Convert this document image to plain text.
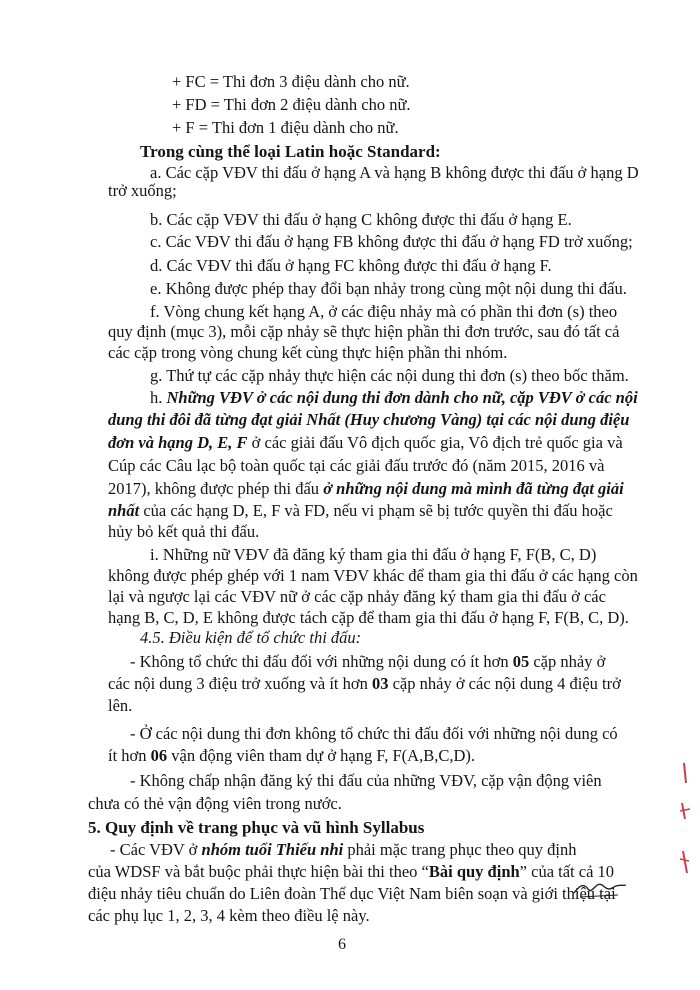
+ FC = Thi đơn 3 điệu dành cho nữ.
+ FD = Thi đơn 2 điệu dành cho nữ.
+ F = Thi đơn 1 điệu dành cho nữ.
Trong cùng thể loại Latin hoặc Standard:
a. Các cặp VĐV thi đấu ở hạng A và hạng B không được thi đấu ở hạng D
trở xuống;
b. Các cặp VĐV thi đấu ở hạng C không được thi đấu ở hạng E.
c. Các VĐV thi đấu ở hạng FB không được thi đấu ở hạng FD trở xuống;
d. Các VĐV thi đấu ở hạng FC không được thi đấu ở hạng F.
e. Không được phép thay đổi bạn nhảy trong cùng một nội dung thi đấu.
f. Vòng chung kết hạng A, ở các điệu nhảy mà có phần thi đơn (s) theo
quy định (mục 3), mỗi cặp nhảy sẽ thực hiện phần thi đơn trước, sau đó tất cả
các cặp trong vòng chung kết cùng thực hiện phần thi nhóm.
g. Thứ tự các cặp nhảy thực hiện các nội dung thi đơn (s) theo bốc thăm.
h. Những VĐV ở các nội dung thi đơn dành cho nữ, cặp VĐV ở các nội
dung thi đôi đã từng đạt giải Nhất (Huy chương Vàng) tại các nội dung điệu
đơn và hạng D, E, F ở các giải đấu Vô địch quốc gia, Vô địch trẻ quốc gia và
Cúp các Câu lạc bộ toàn quốc tại các giải đấu trước đó (năm 2015, 2016 và
2017), không được phép thi đấu ở những nội dung mà mình đã từng đạt giải
nhất của các hạng D, E, F và FD, nếu vi phạm sẽ bị tước quyền thi đấu hoặc
hủy bỏ kết quả thi đấu.
i. Những nữ VĐV đã đăng ký tham gia thi đấu ở hạng F, F(B, C, D)
không được phép ghép với 1 nam VĐV khác để tham gia thi đấu ở các hạng còn
lại và ngược lại các VĐV nữ ở các cặp nhảy đăng ký tham gia thi đấu ở các
hạng B, C, D, E không được tách cặp để tham gia thi đấu ở hạng F, F(B, C, D).
4.5. Điều kiện để tổ chức thi đấu:
- Không tổ chức thi đấu đối với những nội dung có ít hơn 05 cặp nhảy ở
các nội dung 3 điệu trở xuống và ít hơn 03 cặp nhảy ở các nội dung 4 điệu trở
lên.
- Ở các nội dung thi đơn không tổ chức thi đấu đối với những nội dung có
ít hơn 06 vận động viên tham dự ở hạng F, F(A,B,C,D).
- Không chấp nhận đăng ký thi đấu của những VĐV, cặp vận động viên
chưa có thẻ vận động viên trong nước.
5. Quy định về trang phục và vũ hình Syllabus
- Các VĐV ở nhóm tuổi Thiếu nhi phải mặc trang phục theo quy định
của WDSF và bắt buộc phải thực hiện bài thi theo “Bài quy định” của tất cả 10
điệu nhảy tiêu chuẩn do Liên đoàn Thể dục Việt Nam biên soạn và giới thiệu tại
các phụ lục 1, 2, 3, 4 kèm theo điều lệ này.
6
